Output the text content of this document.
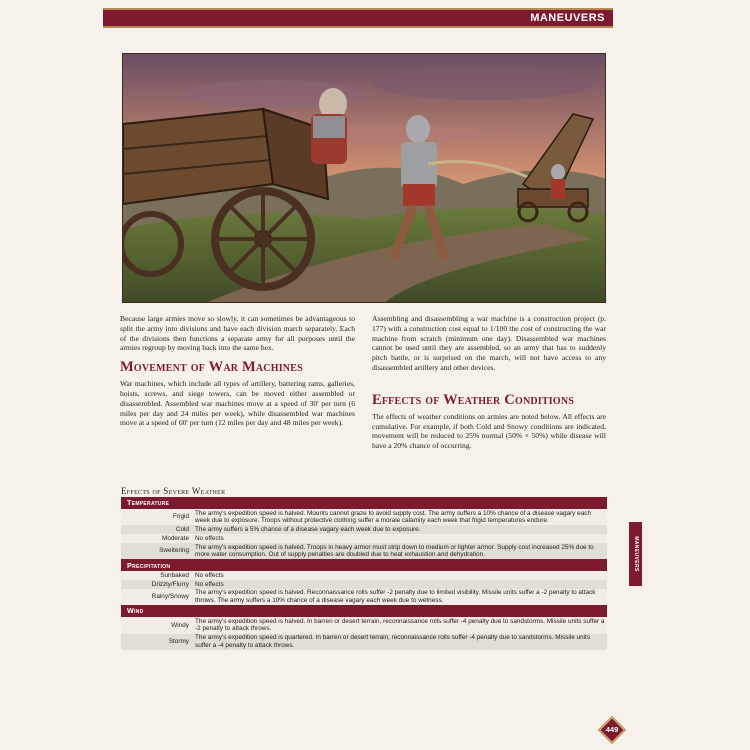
MANEUVERS

Because large armies move so slowly, it can sometimes be advantageous to split the army into divisions and have each division march separately. Each of the divisions then functions a separate army for all purposes until the armies regroup by moving back into the same hex.

Movement of War Machines

War machines, which include all types of artillery, battering rams, galleries, hoists, screws, and siege towers, can be moved either assembled or disassembled. Assembled war machines move at a speed of 30' per turn (6 miles per day and 24 miles per week), while disassembled war machines move at a speed of 60' per turn (12 miles per day and 48 miles per week).

Assembling and disassembling a war machine is a construction project (p. 177) with a construction cost equal to 1/100 the cost of constructing the war machine from scratch (minimum one day). Disassembled war machines cannot be used until they are assembled, so an army that has to suddenly pitch battle, or is surprised on the march, will not have access to any disassembled artillery and other devices.

Effects of Weather Conditions

The effects of weather conditions on armies are noted below. All effects are cumulative. For example, if both Cold and Snowy conditions are indicated, movement will be reduced to 25% normal (50% × 50%) while disease will have a 20% chance of occurring.

Effects of Severe Weather
Temperature	
Frigid	The army's expedition speed is halved. Mounts cannot graze to avoid supply cost. The army suffers a 10% chance of a disease vagary each week due to exposure. Troops without protective clothing suffer a morale calamity each week that frigid temperatures endure.
Cold	The army suffers a 5% chance of a disease vagary each week due to exposure.
Moderate	No effects
Sweltering	The army's expedition speed is halved. Troops in heavy armor must strip down to medium or lighter armor. Supply cost increased 25% due to more water consumption. Out of supply penalties are doubled due to heat exhaustion and dehydration.
Precipitation	
Sunbaked	No effects
Drizzly/Flurry	No effects
Rainy/Snowy	The army's expedition speed is halved. Reconnaissance rolls suffer -2 penalty due to limited visibility. Missile units suffer a -2 penalty to attack throws. The army suffers a 10% chance of a disease vagary each week due to wetness.
Wind	
Windy	The army's expedition speed is halved. In barren or desert terrain, reconnaissance rolls suffer -4 penalty due to sandstorms. Missile units suffer a -2 penalty to attack throws.
Stormy	The army's expedition speed is quartered. In barren or desert terrain, reconnaissance rolls suffer -4 penalty due to sandstorms. Missile units suffer a -4 penalty to attack throws.
MANEUVERS
449
